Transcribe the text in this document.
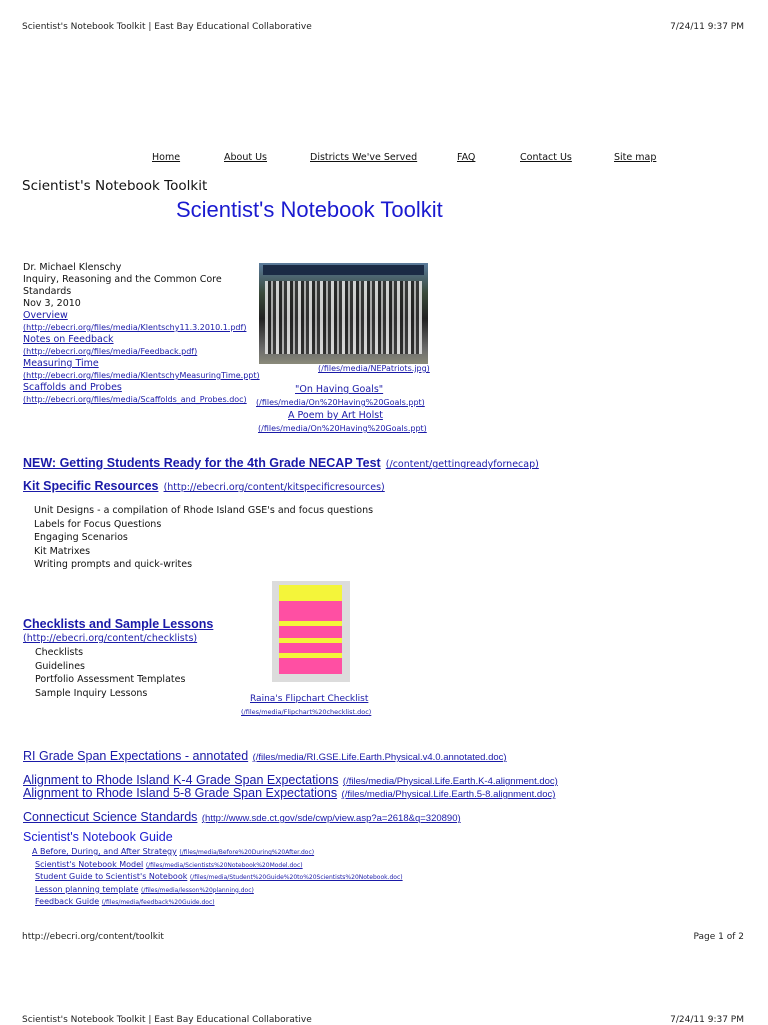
Scientist's Notebook Toolkit | East Bay Educational Collaborative	7/24/11 9:37 PM
Home	About Us	Districts We've Served	FAQ	Contact Us	Site map
Scientist's Notebook Toolkit
Scientist's Notebook Toolkit
Dr. Michael Klenschy
Inquiry, Reasoning and the Common Core
Standards
Nov 3, 2010
Overview
(http://ebecri.org/files/media/Klentschy11.3.2010.1.pdf)
Notes on Feedback
(http://ebecri.org/files/media/Feedback.pdf)
Measuring Time
(http://ebecri.org/files/media/KlentschyMeasuringTime.ppt)
Scaffolds and Probes
(http://ebecri.org/files/media/Scaffolds_and_Probes.doc)
(/files/media/NEPatriots.jpg)
"On Having Goals"
(/files/media/On%20Having%20Goals.ppt)
A Poem by Art Holst
(/files/media/On%20Having%20Goals.ppt)
NEW: Getting Students Ready for the 4th Grade NECAP Test (/content/gettingreadyfornecap)
Kit Specific Resources (http://ebecri.org/content/kitspecificresources)
Unit Designs - a compilation of Rhode Island GSE's and focus questions
Labels for Focus Questions
Engaging Scenarios
Kit Matrixes
Writing prompts and quick-writes
Checklists and Sample Lessons
(http://ebecri.org/content/checklists)
Checklists
Guidelines
Portfolio Assessment Templates
Sample Inquiry Lessons
Raina's Flipchart Checklist
(/files/media/Flipchart%20checklist.doc)
RI Grade Span Expectations - annotated (/files/media/RI.GSE.Life.Earth.Physical.v4.0.annotated.doc)
Alignment to Rhode Island K-4 Grade Span Expectations (/files/media/Physical.Life.Earth.K-4.alignment.doc)
Alignment to Rhode Island 5-8 Grade Span Expectations (/files/media/Physical.Life.Earth.5-8.alignment.doc)
Connecticut Science Standards (http://www.sde.ct.gov/sde/cwp/view.asp?a=2618&q=320890)
Scientist's Notebook Guide
A Before, During, and After Strategy (/files/media/Before%20During%20After.doc)
Scientist's Notebook Model (/files/media/Scientists%20Notebook%20Model.doc)
Student Guide to Scientist's Notebook (/files/media/Student%20Guide%20to%20Scientists%20Notebook.doc)
Lesson planning template (/files/media/lesson%20planning.doc)
Feedback Guide (/files/media/feedback%20Guide.doc)
http://ebecri.org/content/toolkit	Page 1 of 2
Scientist's Notebook Toolkit | East Bay Educational Collaborative	7/24/11 9:37 PM
